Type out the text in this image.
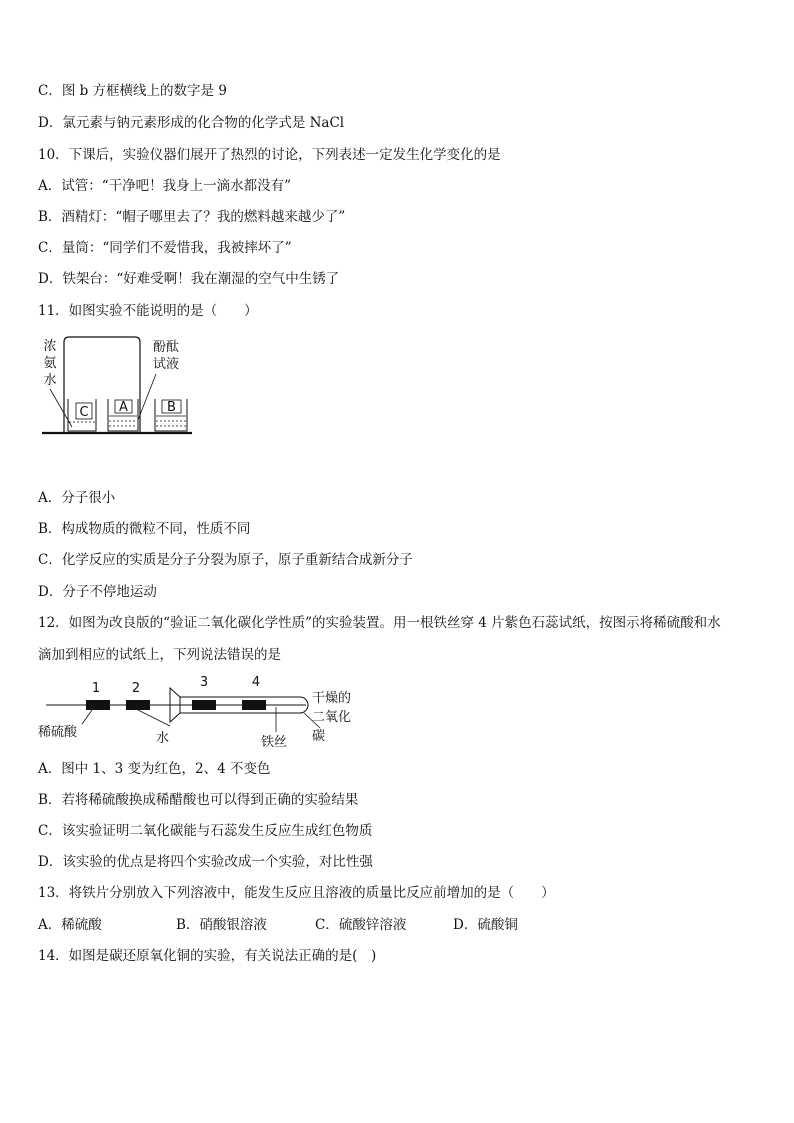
C．图 b 方框横线上的数字是 9
D．氯元素与钠元素形成的化合物的化学式是 NaCl
10．下课后，实验仪器们展开了热烈的讨论，下列表述一定发生化学变化的是
A．试管：“干净吧！我身上一滴水都没有”
B．酒精灯：“帽子哪里去了？我的燃料越来越少了”
C．量筒：“同学们不爱惜我，我被摔坏了”
D．铁架台：“好难受啊！我在潮湿的空气中生锈了
11．如图实验不能说明的是（　　）
C A	B
浓
氨
水
酚酞
试液
A．分子很小
B．构成物质的微粒不同，性质不同
C．化学反应的实质是分子分裂为原子，原子重新结合成新分子
D．分子不停地运动
12．如图为改良版的“验证二氧化碳化学性质”的实验装置。用一根铁丝穿 4 片紫色石蕊试纸，按图示将稀硫酸和水
滴加到相应的试纸上，下列说法错误的是
1 2	3	4
稀硫酸	水	铁丝
干燥的
二氧化
碳
A．图中 1、3 变为红色，2、4 不变色
B．若将稀硫酸换成稀醋酸也可以得到正确的实验结果
C．该实验证明二氧化碳能与石蕊发生反应生成红色物质
D．该实验的优点是将四个实验改成一个实验，对比性强
13．将铁片分别放入下列溶液中，能发生反应且溶液的质量比反应前增加的是（　　）
A．稀硫酸	B．硝酸银溶液	C．硫酸锌溶液	D．硫酸铜
14．如图是碳还原氧化铜的实验，有关说法正确的是(　)
